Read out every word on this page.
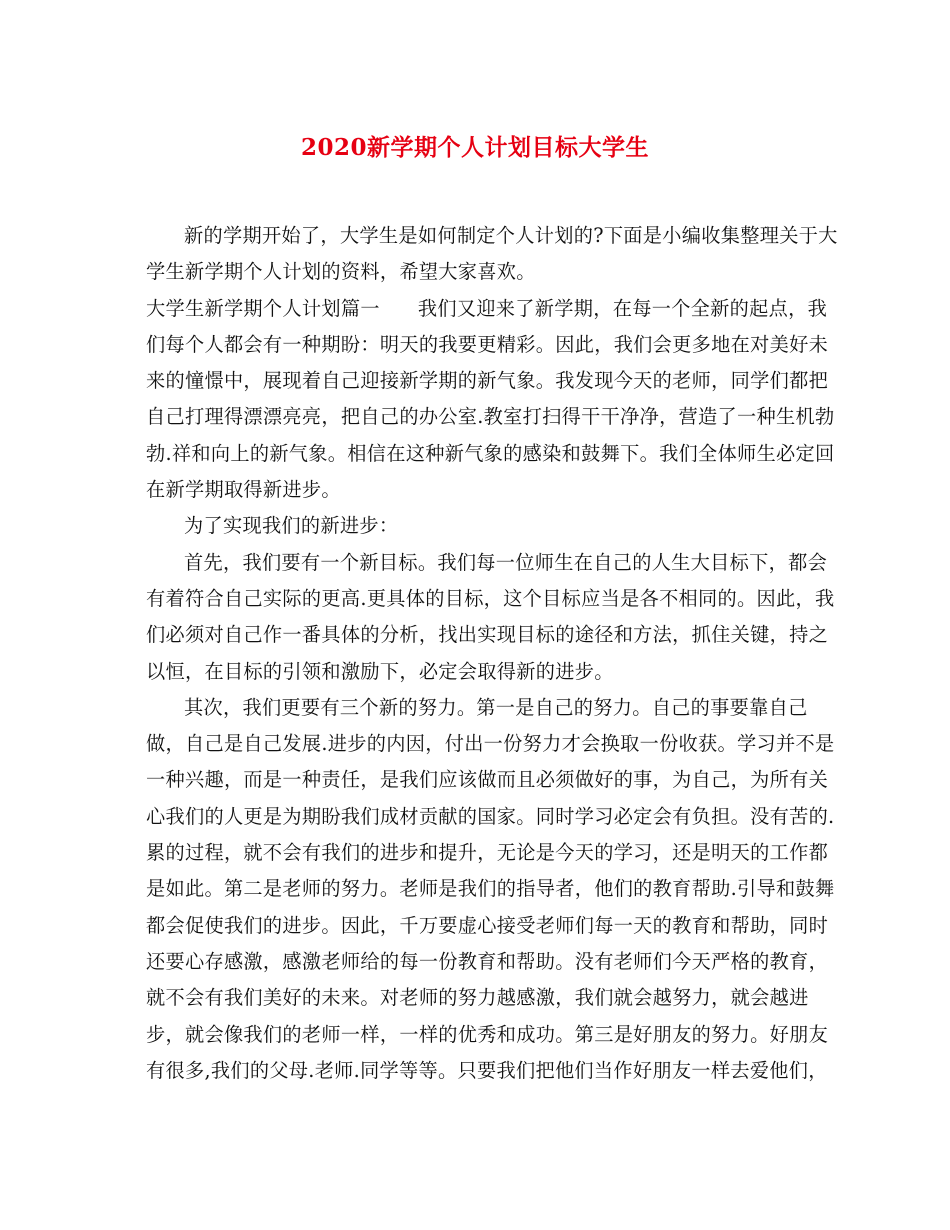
2020新学期个人计划目标大学生
新的学期开始了，大学生是如何制定个人计划的?下面是小编收集整理关于大
学生新学期个人计划的资料，希望大家喜欢。
大学生新学期个人计划篇一 我们又迎来了新学期，在每一个全新的起点，我
们每个人都会有一种期盼：明天的我要更精彩。因此，我们会更多地在对美好未
来的憧憬中，展现着自己迎接新学期的新气象。我发现今天的老师，同学们都把
自己打理得漂漂亮亮，把自己的办公室.教室打扫得干干净净，营造了一种生机勃
勃.祥和向上的新气象。相信在这种新气象的感染和鼓舞下。我们全体师生必定回
在新学期取得新进步。
为了实现我们的新进步：
首先，我们要有一个新目标。我们每一位师生在自己的人生大目标下，都会
有着符合自己实际的更高.更具体的目标，这个目标应当是各不相同的。因此，我
们必须对自己作一番具体的分析，找出实现目标的途径和方法，抓住关键，持之
以恒，在目标的引领和激励下，必定会取得新的进步。
其次，我们更要有三个新的努力。第一是自己的努力。自己的事要靠自己
做，自己是自己发展.进步的内因，付出一份努力才会换取一份收获。学习并不是
一种兴趣，而是一种责任，是我们应该做而且必须做好的事，为自己，为所有关
心我们的人更是为期盼我们成材贡献的国家。同时学习必定会有负担。没有苦的.
累的过程，就不会有我们的进步和提升，无论是今天的学习，还是明天的工作都
是如此。第二是老师的努力。老师是我们的指导者，他们的教育帮助.引导和鼓舞
都会促使我们的进步。因此，千万要虚心接受老师们每一天的教育和帮助，同时
还要心存感激，感激老师给的每一份教育和帮助。没有老师们今天严格的教育，
就不会有我们美好的未来。对老师的努力越感激，我们就会越努力，就会越进
步，就会像我们的老师一样，一样的优秀和成功。第三是好朋友的努力。好朋友
有很多,我们的父母.老师.同学等等。只要我们把他们当作好朋友一样去爱他们，
